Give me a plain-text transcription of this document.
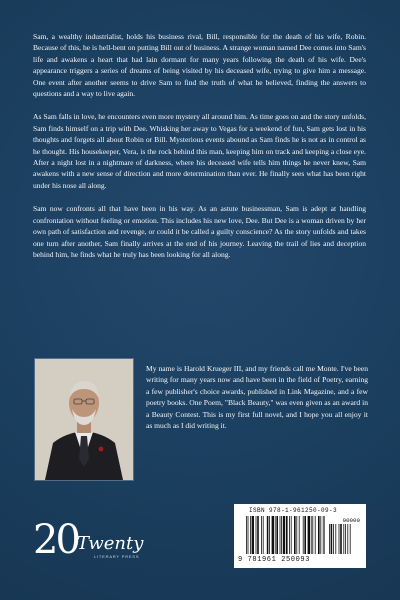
Sam, a wealthy industrialist, holds his business rival, Bill, responsible for the death of his wife, Robin. Because of this, he is hell-bent on putting Bill out of business. A strange woman named Dee comes into Sam's life and awakens a heart that had lain dormant for many years following the death of his wife. Dee's appearance triggers a series of dreams of being visited by his deceased wife, trying to give him a message. One event after another seems to drive Sam to find the truth of what he believed, finding the answers to questions and a way to live again.

As Sam falls in love, he encounters even more mystery all around him. As time goes on and the story unfolds, Sam finds himself on a trip with Dee. Whisking her away to Vegas for a weekend of fun, Sam gets lost in his thoughts and forgets all about Robin or Bill. Mysterious events abound as Sam finds he is not as in control as he thought. His housekeeper, Vera, is the rock behind this man, keeping him on track and keeping a close eye. After a night lost in a nightmare of darkness, where his deceased wife tells him things he never knew, Sam awakens with a new sense of direction and more determination than ever. He finally sees what has been right under his nose all along.

Sam now confronts all that have been in his way. As an astute businessman, Sam is adept at handling confrontation without feeling or emotion. This includes his new love, Dee. But Dee is a woman driven by her own path of satisfaction and revenge, or could it be called a guilty conscience? As the story unfolds and takes one turn after another, Sam finally arrives at the end of his journey. Leaving the trail of lies and deception behind him, he finds what he truly has been looking for all along.

My name is Harold Krueger III, and my friends call me Monte. I've been writing for many years now and have been in the field of Poetry, earning a few publisher's choice awards, published in Link Magazine, and a few poetry books. One Poem, "Black Beauty," was even given as an award in a Beauty Contest. This is my first full novel, and I hope you all enjoy it as much as I did writing it.

20 Twenty
LITERARY PRESS
ISBN 978-1-961250-09-3
90000
9 781961 250093
